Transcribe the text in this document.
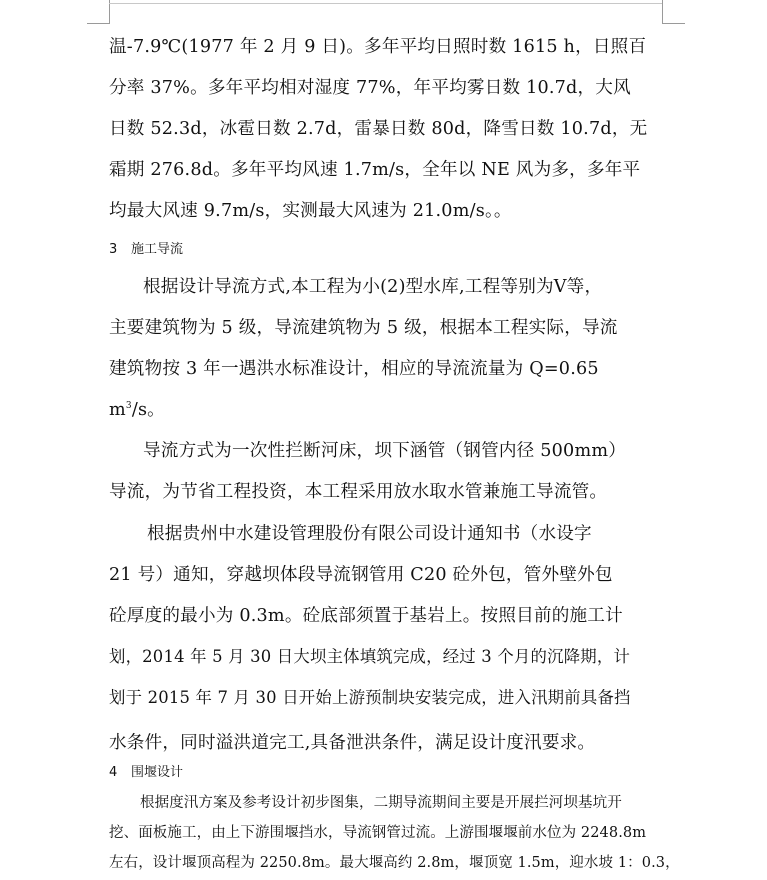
温-7.9℃(1977 年 2 月 9 日)。多年平均日照时数 1615 h，日照百

分率 37%。多年平均相对湿度 77%，年平均雾日数 10.7d，大风

日数 52.3d，冰雹日数 2.7d，雷暴日数 80d，降雪日数 10.7d，无

霜期 276.8d。多年平均风速 1.7m/s，全年以 NE 风为多，多年平

均最大风速 9.7m/s，实测最大风速为 21.0m/s。。

3 施工导流

根据设计导流方式,本工程为小(2)型水库,工程等别为Ⅴ等，

主要建筑物为 5 级，导流建筑物为 5 级，根据本工程实际，导流

建筑物按 3 年一遇洪水标准设计，相应的导流流量为 Q=0.65

$m^3/s$。

导流方式为一次性拦断河床，坝下涵管（钢管内径 500mm）

导流，为节省工程投资，本工程采用放水取水管兼施工导流管。

根据贵州中水建设管理股份有限公司设计通知书（水设字

21 号）通知，穿越坝体段导流钢管用 C20 砼外包，管外壁外包

砼厚度的最小为 0.3m。砼底部须置于基岩上。按照目前的施工计

划，2014 年 5 月 30 日大坝主体填筑完成，经过 3 个月的沉降期，计

划于 2015 年 7 月 30 日开始上游预制块安装完成，进入汛期前具备挡

水条件，同时溢洪道完工,具备泄洪条件，满足设计度汛要求。

4 围堰设计

根据度汛方案及参考设计初步图集，二期导流期间主要是开展拦河坝基坑开

挖、面板施工，由上下游围堰挡水，导流钢管过流。上游围堰堰前水位为 2248.8m

左右，设计堰顶高程为 2250.8m。最大堰高约 2.8m，堰顶宽 1.5m，迎水坡 1：0.3，
